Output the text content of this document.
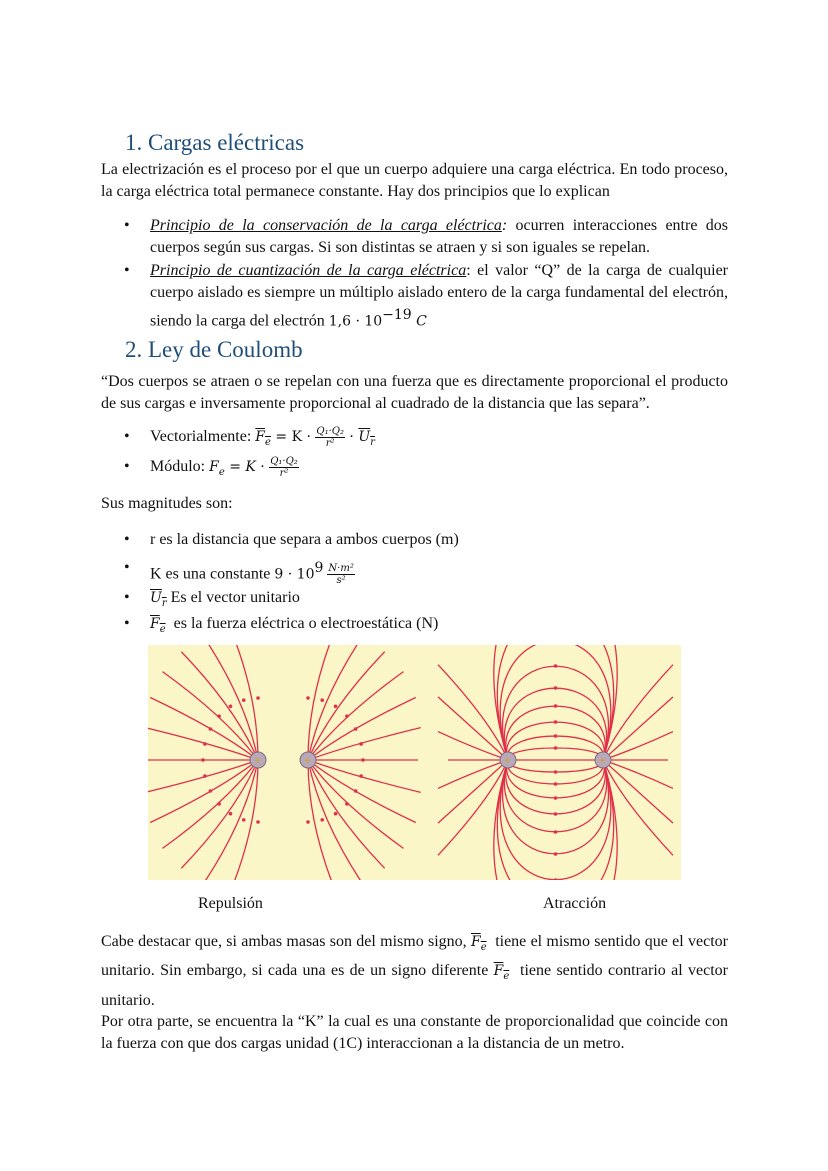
1. Cargas eléctricas
La electrización es el proceso por el que un cuerpo adquiere una carga eléctrica. En todo proceso, la carga eléctrica total permanece constante. Hay dos principios que lo explican
• Principio de la conservación de la carga eléctrica: ocurren interacciones entre dos cuerpos según sus cargas. Si son distintas se atraen y si son iguales se repelan.
• Principio de cuantización de la carga eléctrica: el valor “Q” de la carga de cualquier cuerpo aislado es siempre un múltiplo aislado entero de la carga fundamental del electrón, siendo la carga del electrón $1,6 \cdot 10^{-19}$ C
2. Ley de Coulomb
“Dos cuerpos se atraen o se repelan con una fuerza que es directamente proporcional el producto de sus cargas e inversamente proporcional al cuadrado de la distancia que las separa”.
• Vectorialmente: $F_e = K \cdot \frac{\text{Q₁·Q₂}}{\text{r²}} \cdot U_r$
• Módulo: $F_e = K \cdot \frac{\text{Q₁·Q₂}}{\text{r²}}$
Sus magnitudes son:
• r es la distancia que separa a ambos cuerpos (m)
• K es una constante $9 \cdot 10^9 \frac{\text{N·m²}}{\text{s²}}$
• $U_r$ Es el vector unitario
• $F_e$  es la fuerza eléctrica o electroestática (N)
+	+	+	+
Repulsión	Atracción
Cabe destacar que, si ambas masas son del mismo signo, $F_e$  tiene el mismo sentido que el vector unitario. Sin embargo, si cada una es de un signo diferente $F_e$  tiene sentido contrario al vector unitario.
Por otra parte, se encuentra la “K” la cual es una constante de proporcionalidad que coincide con la fuerza con que dos cargas unidad (1C) interaccionan a la distancia de un metro.
